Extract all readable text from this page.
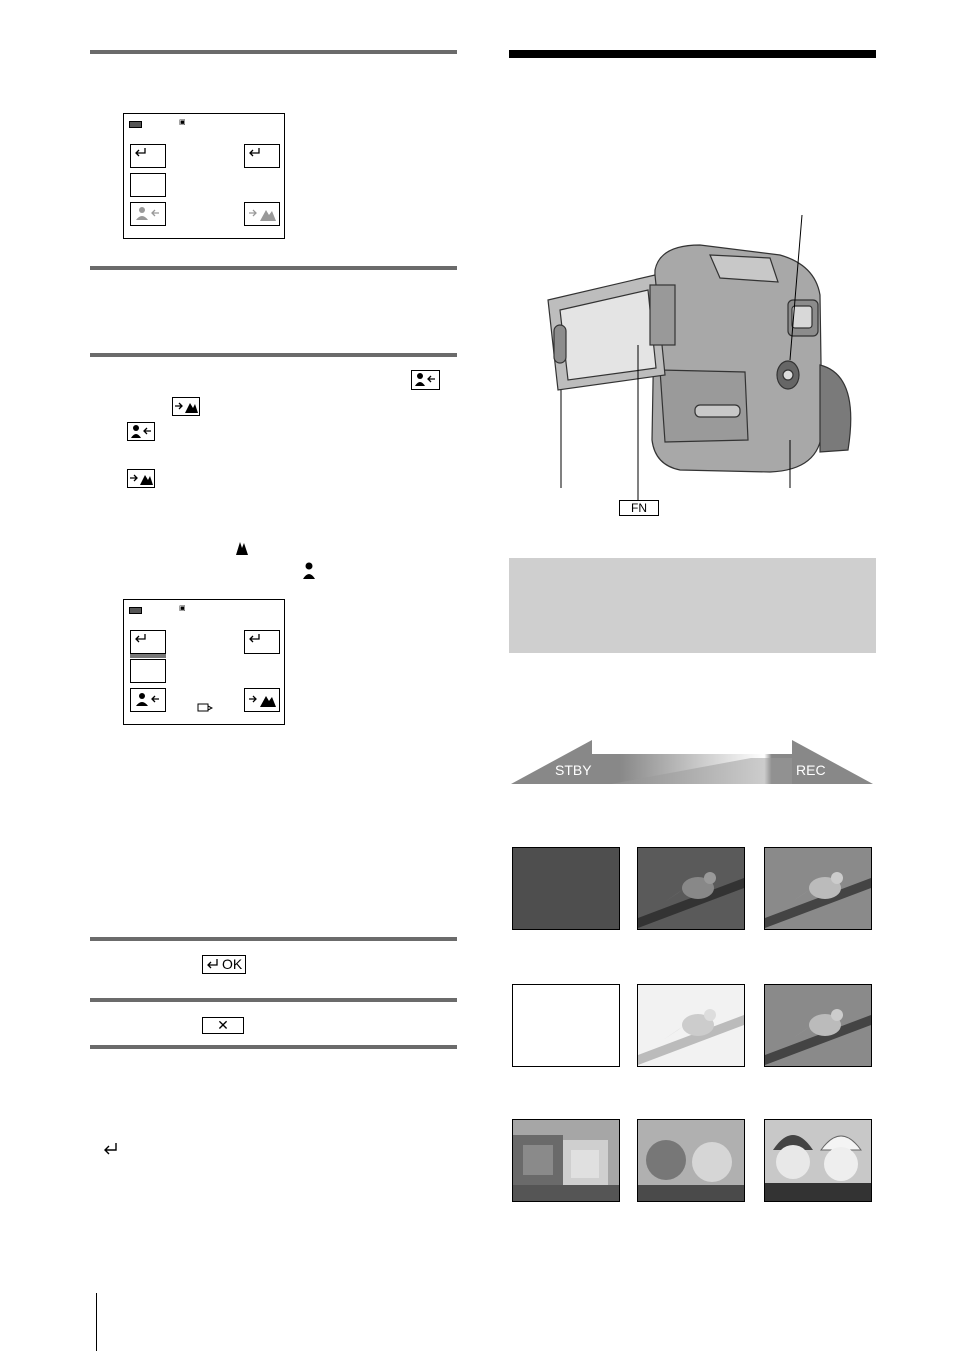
▣
▣
OK
✕
FN
STBY	REC
